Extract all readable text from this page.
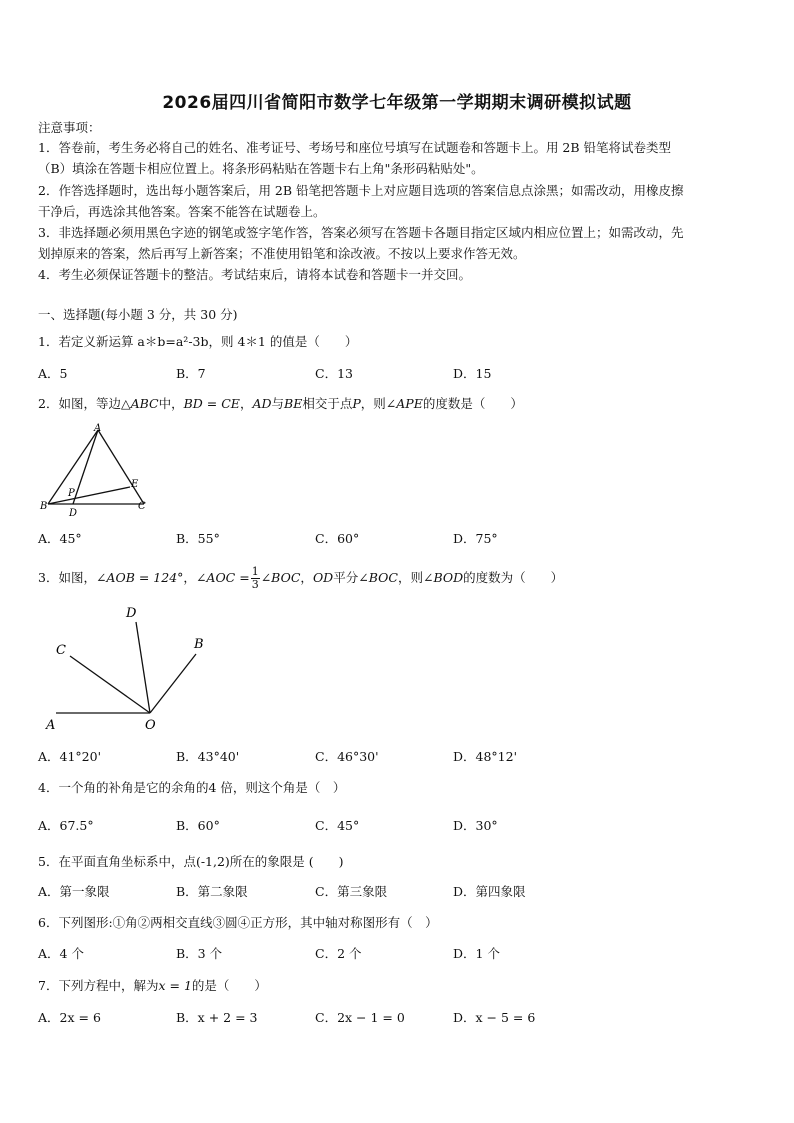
2026届四川省简阳市数学七年级第一学期期末调研模拟试题
注意事项：
1．答卷前，考生务必将自己的姓名、准考证号、考场号和座位号填写在试题卷和答题卡上。用 2B 铅笔将试卷类型
（B）填涂在答题卡相应位置上。将条形码粘贴在答题卡右上角"条形码粘贴处"。
2．作答选择题时，选出每小题答案后，用 2B 铅笔把答题卡上对应题目选项的答案信息点涂黑；如需改动，用橡皮擦
干净后，再选涂其他答案。答案不能答在试题卷上。
3．非选择题必须用黑色字迹的钢笔或签字笔作答，答案必须写在答题卡各题目指定区域内相应位置上；如需改动，先
划掉原来的答案，然后再写上新答案；不准使用铅笔和涂改液。不按以上要求作答无效。
4．考生必须保证答题卡的整洁。考试结束后，请将本试卷和答题卡一并交回。
一、选择题(每小题 3 分，共 30 分)
1．若定义新运算 a＊b=a²-3b，则 4＊1 的值是（　　）
A．5	B．7	C．13	D．15
2．如图，等边△ABC中，BD = CE，AD与BE相交于点P，则∠APE的度数是（　　）
A
B	C
D
E
P
A．45°	B．55°	C．60°	D．75°
3．如图，∠AOB = 124°，∠AOC = $\frac{1}{3}$ ∠BOC，OD平分∠BOC，则∠BOD的度数为（　　）
A
B
C
D
O
A．41°20'	B．43°40'	C．46°30'	D．48°12'
4．一个角的补角是它的余角的4 倍，则这个角是（　）
A．67.5°	B．60°	C．45°	D．30°
5．在平面直角坐标系中，点(-1,2)所在的象限是 (　　)
A．第一象限	B．第二象限	C．第三象限	D．第四象限
6．下列图形:①角②两相交直线③圆④正方形，其中轴对称图形有（　）
A．4 个	B．3 个	C．2 个	D．1 个
7．下列方程中，解为x = 1的是（　　）
A．2x = 6	B．x + 2 = 3	C．2x − 1 = 0	D．x − 5 = 6
